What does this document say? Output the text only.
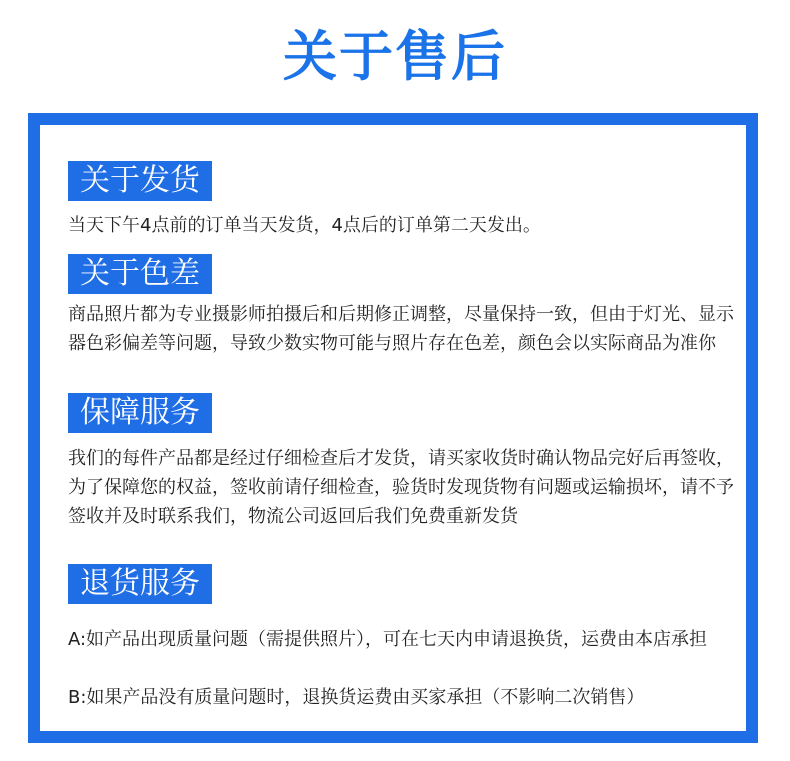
关于售后
关于发货

当天下午4点前的订单当天发货，4点后的订单第二天发出。

关于色差

商品照片都为专业摄影师拍摄后和后期修正调整，尽量保持一致，但由于灯光、显示器色彩偏差等问题，导致少数实物可能与照片存在色差，颜色会以实际商品为准你

保障服务

我们的每件产品都是经过仔细检查后才发货，请买家收货时确认物品完好后再签收，为了保障您的权益，签收前请仔细检查，验货时发现货物有问题或运输损坏，请不予签收并及时联系我们，物流公司返回后我们免费重新发货

退货服务

A:如产品出现质量问题（需提供照片），可在七天内申请退换货，运费由本店承担

B:如果产品没有质量问题时，退换货运费由买家承担（不影响二次销售）
